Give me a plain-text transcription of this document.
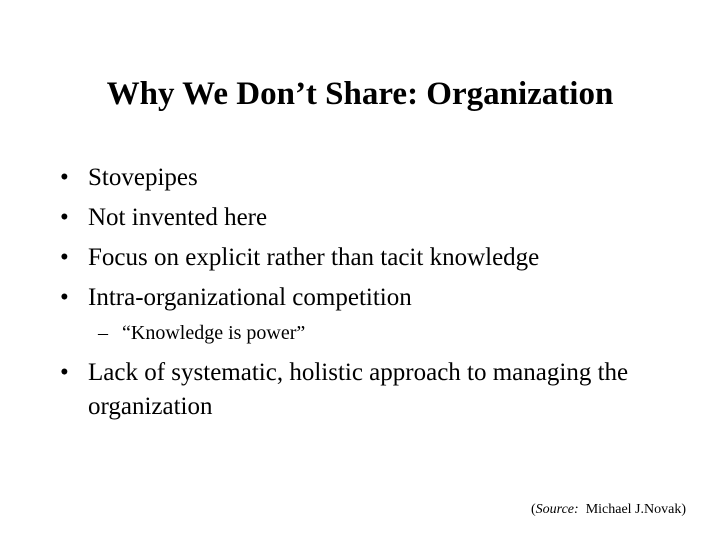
Why We Don’t Share: Organization
• Stovepipes
• Not invented here
• Focus on explicit rather than tacit knowledge
• Intra-organizational competition
– “Knowledge is power”
• Lack of systematic, holistic approach to managing the organization
(Source: Michael J.Novak)
